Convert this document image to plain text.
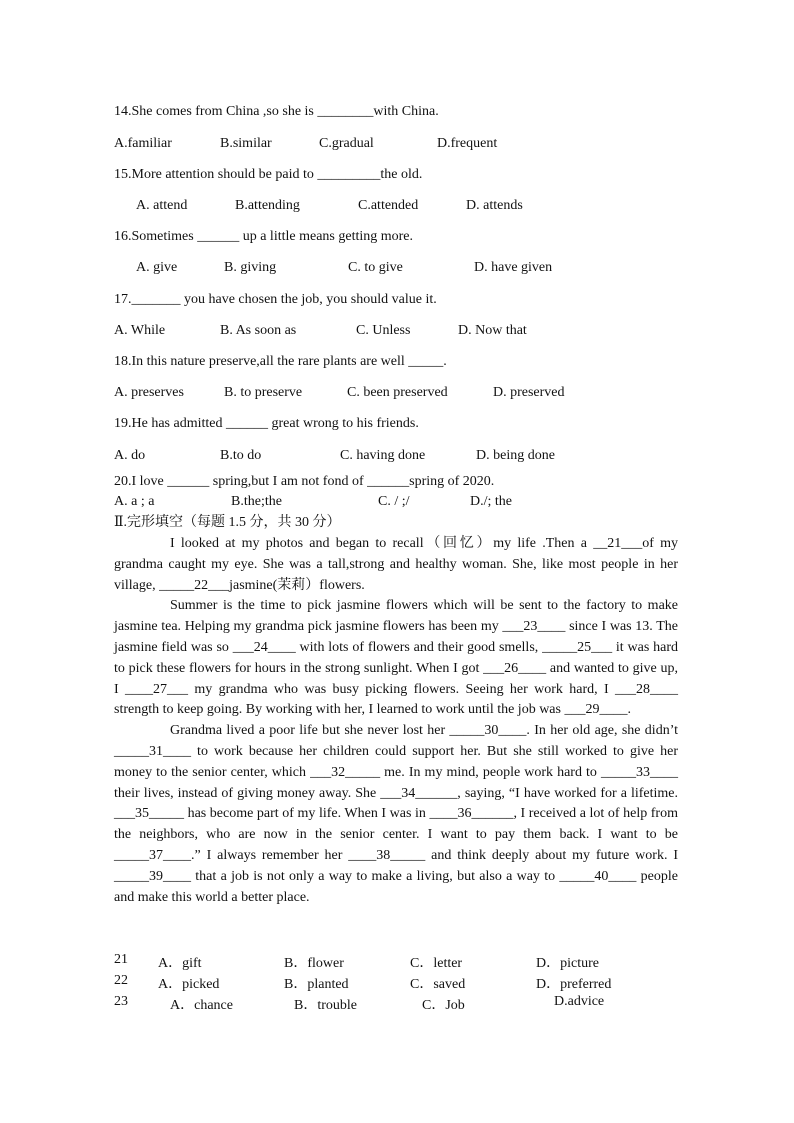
14.She comes from China ,so she is ________with China.
A.familiar	B.similar	C.gradual	D.frequent
15.More attention should be paid to _________the old.
A. attend	B.attending	C.attended	D. attends
16.Sometimes ______ up a little means getting more.
A. give	B. giving	C. to give	D. have given
17._______ you have chosen the job, you should value it.
A. While	B. As soon as	C. Unless	D. Now that
18.In this nature preserve,all the rare plants are well _____.
A. preserves	B. to preserve	C. been preserved	D. preserved
19.He has admitted ______ great wrong to his friends.
A. do	B.to do	C. having done	D. being done
20.I love ______ spring,but I am not fond of ______spring of 2020.
A. a ; a	B.the;the	C. / ;/	D./; the
Ⅱ.完形填空（每题 1.5 分，共 30 分）

I looked at my photos and began to recall（回忆）my life .Then a __21___of my grandma caught my eye. She was a tall,strong and healthy woman. She, like most people in her village, _____22___jasmine(茉莉）flowers.

Summer is the time to pick jasmine flowers which will be sent to the factory to make jasmine tea. Helping my grandma pick jasmine flowers has been my ___23____ since I was 13. The jasmine field was so ___24____ with lots of flowers and their good smells, _____25___ it was hard to pick these flowers for hours in the strong sunlight. When I got ___26____ and wanted to give up, I ____27___ my grandma who was busy picking flowers. Seeing her work hard, I ___28____ strength to keep going. By working with her, I learned to work until the job was ___29____.

Grandma lived a poor life but she never lost her _____30____. In her old age, she didn’t _____31____ to work because her children could support her. But she still worked to give her money to the senior center, which ___32_____ me. In my mind, people work hard to _____33____ their lives, instead of giving money away. She ___34______, saying, “I have worked for a lifetime. ___35_____ has become part of my life. When I was in ____36______, I received a lot of help from the neighbors, who are now in the senior center. I want to pay them back. I want to be _____37____.” I always remember her ____38_____ and think deeply about my future work. I _____39____ that a job is not only a way to make a living, but also a way to _____40____ people and make this world a better place.

21 A．gift	B．flower	C．letter	D．picture
22 A．picked	B．planted	C．saved	D．preferred
23	A．chance	B．trouble	C．Job	D.advice
